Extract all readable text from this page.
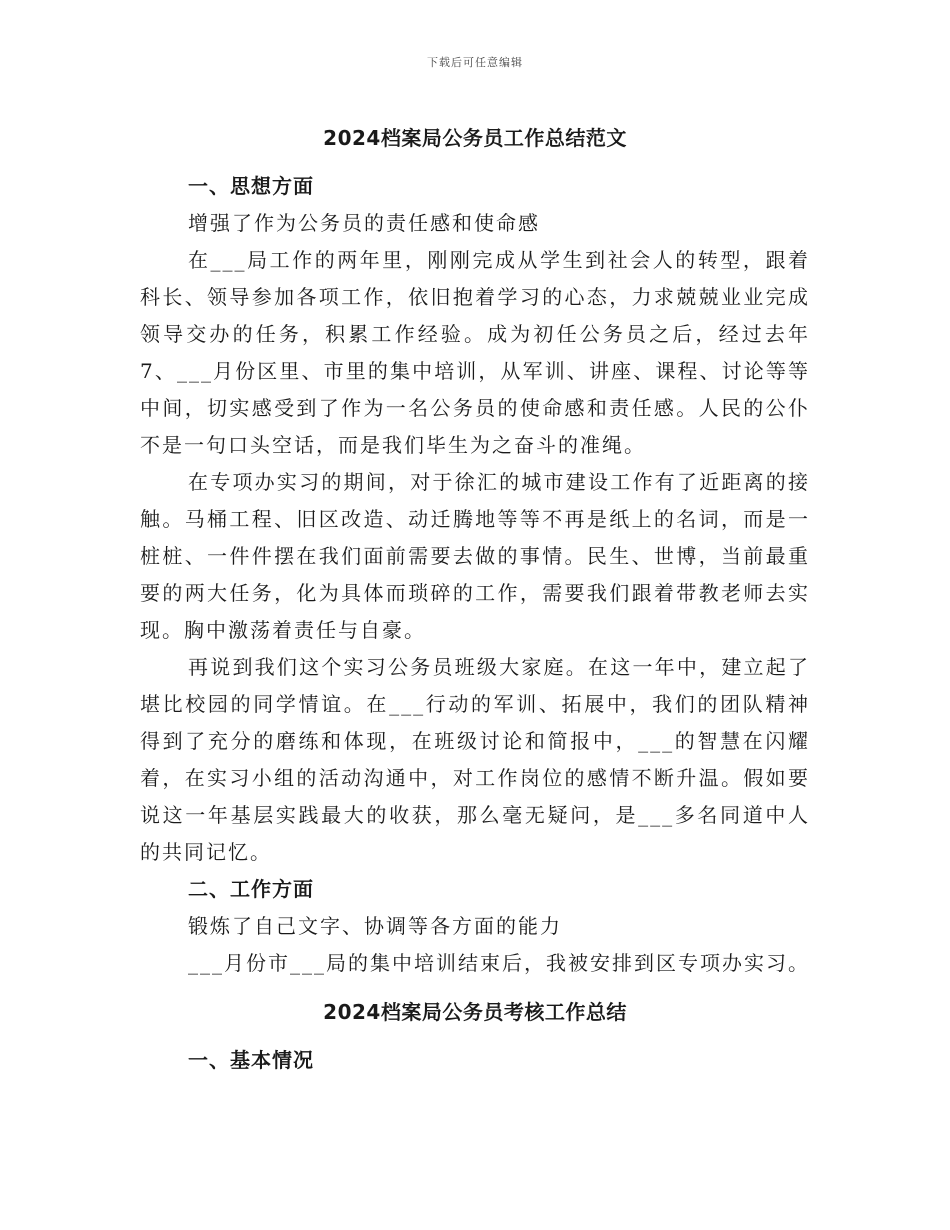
下载后可任意编辑
2024档案局公务员工作总结范文

一、思想方面

增强了作为公务员的责任感和使命感

在___局工作的两年里，刚刚完成从学生到社会人的转型，跟着科长、领导参加各项工作，依旧抱着学习的心态，力求兢兢业业完成领导交办的任务，积累工作经验。成为初任公务员之后，经过去年7、___月份区里、市里的集中培训，从军训、讲座、课程、讨论等等中间，切实感受到了作为一名公务员的使命感和责任感。人民的公仆不是一句口头空话，而是我们毕生为之奋斗的准绳。

在专项办实习的期间，对于徐汇的城市建设工作有了近距离的接触。马桶工程、旧区改造、动迁腾地等等不再是纸上的名词，而是一桩桩、一件件摆在我们面前需要去做的事情。民生、世博，当前最重要的两大任务，化为具体而琐碎的工作，需要我们跟着带教老师去实现。胸中激荡着责任与自豪。

再说到我们这个实习公务员班级大家庭。在这一年中，建立起了堪比校园的同学情谊。在___行动的军训、拓展中，我们的团队精神得到了充分的磨练和体现，在班级讨论和简报中，___的智慧在闪耀着，在实习小组的活动沟通中，对工作岗位的感情不断升温。假如要说这一年基层实践最大的收获，那么毫无疑问，是___多名同道中人的共同记忆。

二、工作方面

锻炼了自己文字、协调等各方面的能力

___月份市___局的集中培训结束后，我被安排到区专项办实习。

2024档案局公务员考核工作总结

一、基本情况
